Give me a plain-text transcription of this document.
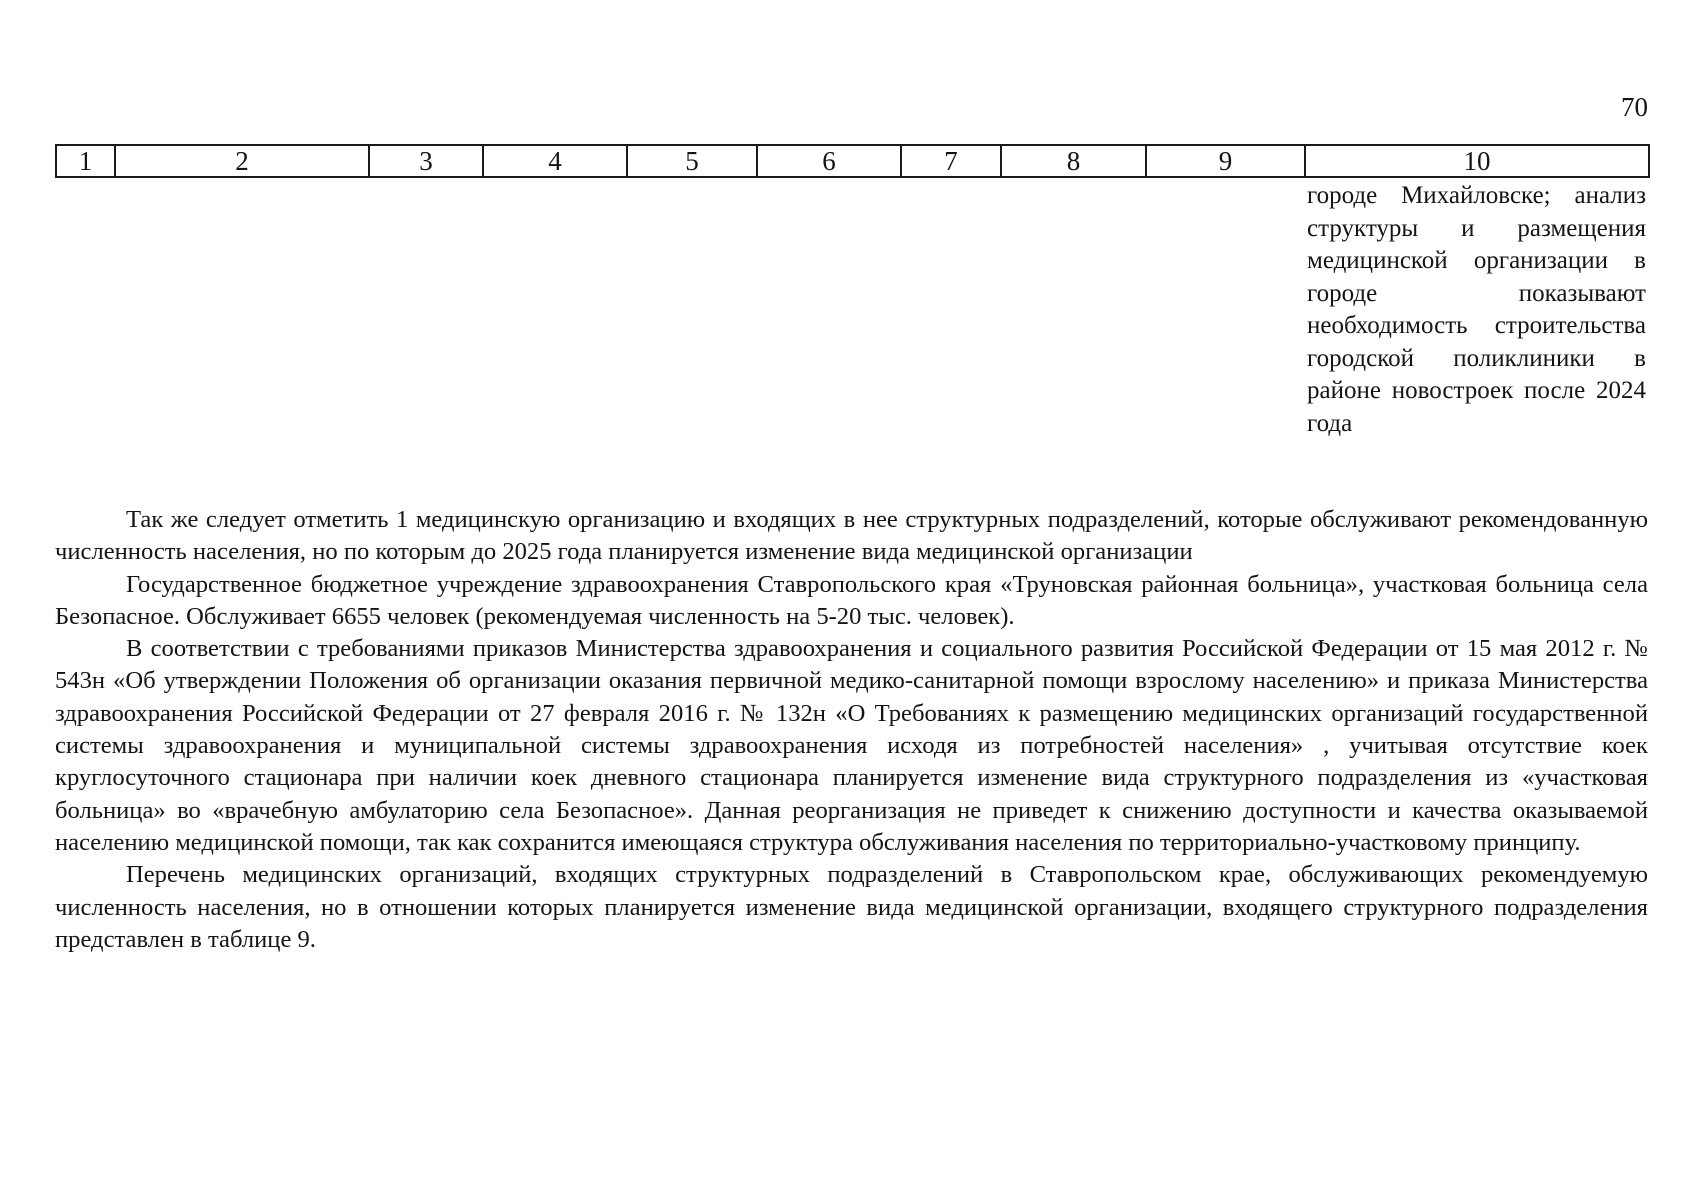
70
1	2	3	4	5	6	7	8	9	10
городе Михайловске; анализ структуры и размещения медицинской организации в городе показывают необходимость строительства городской поликлиники в районе новостроек после 2024 года

Так же следует отметить 1 медицинскую организацию и входящих в нее структурных подразделений, которые обслуживают рекомендованную численность населения, но по которым до 2025 года планируется изменение вида медицинской организации

Государственное бюджетное учреждение здравоохранения Ставропольского края «Труновская районная больница», участковая больница села Безопасное. Обслуживает 6655 человек (рекомендуемая численность на 5-20 тыс. человек).

В соответствии с требованиями приказов Министерства здравоохранения и социального развития Российской Федерации от 15 мая 2012 г. № 543н «Об утверждении Положения об организации оказания первичной медико-санитарной помощи взрослому населению» и приказа Министерства здравоохранения Российской Федерации от 27 февраля 2016 г. № 132н «О Требованиях к размещению медицинских организаций государственной системы здравоохранения и муниципальной системы здравоохранения исходя из потребностей населения» , учитывая отсутствие коек круглосуточного стационара при наличии коек дневного стационара планируется изменение вида структурного подразделения из «участковая больница» во «врачебную амбулаторию села Безопасное». Данная реорганизация не приведет к снижению доступности и качества оказываемой населению медицинской помощи, так как сохранится имеющаяся структура обслуживания населения по территориально-участковому принципу.

Перечень медицинских организаций, входящих структурных подразделений в Ставропольском крае, обслуживающих рекомендуемую численность населения, но в отношении которых планируется изменение вида медицинской организации, входящего структурного подразделения представлен в таблице 9.
